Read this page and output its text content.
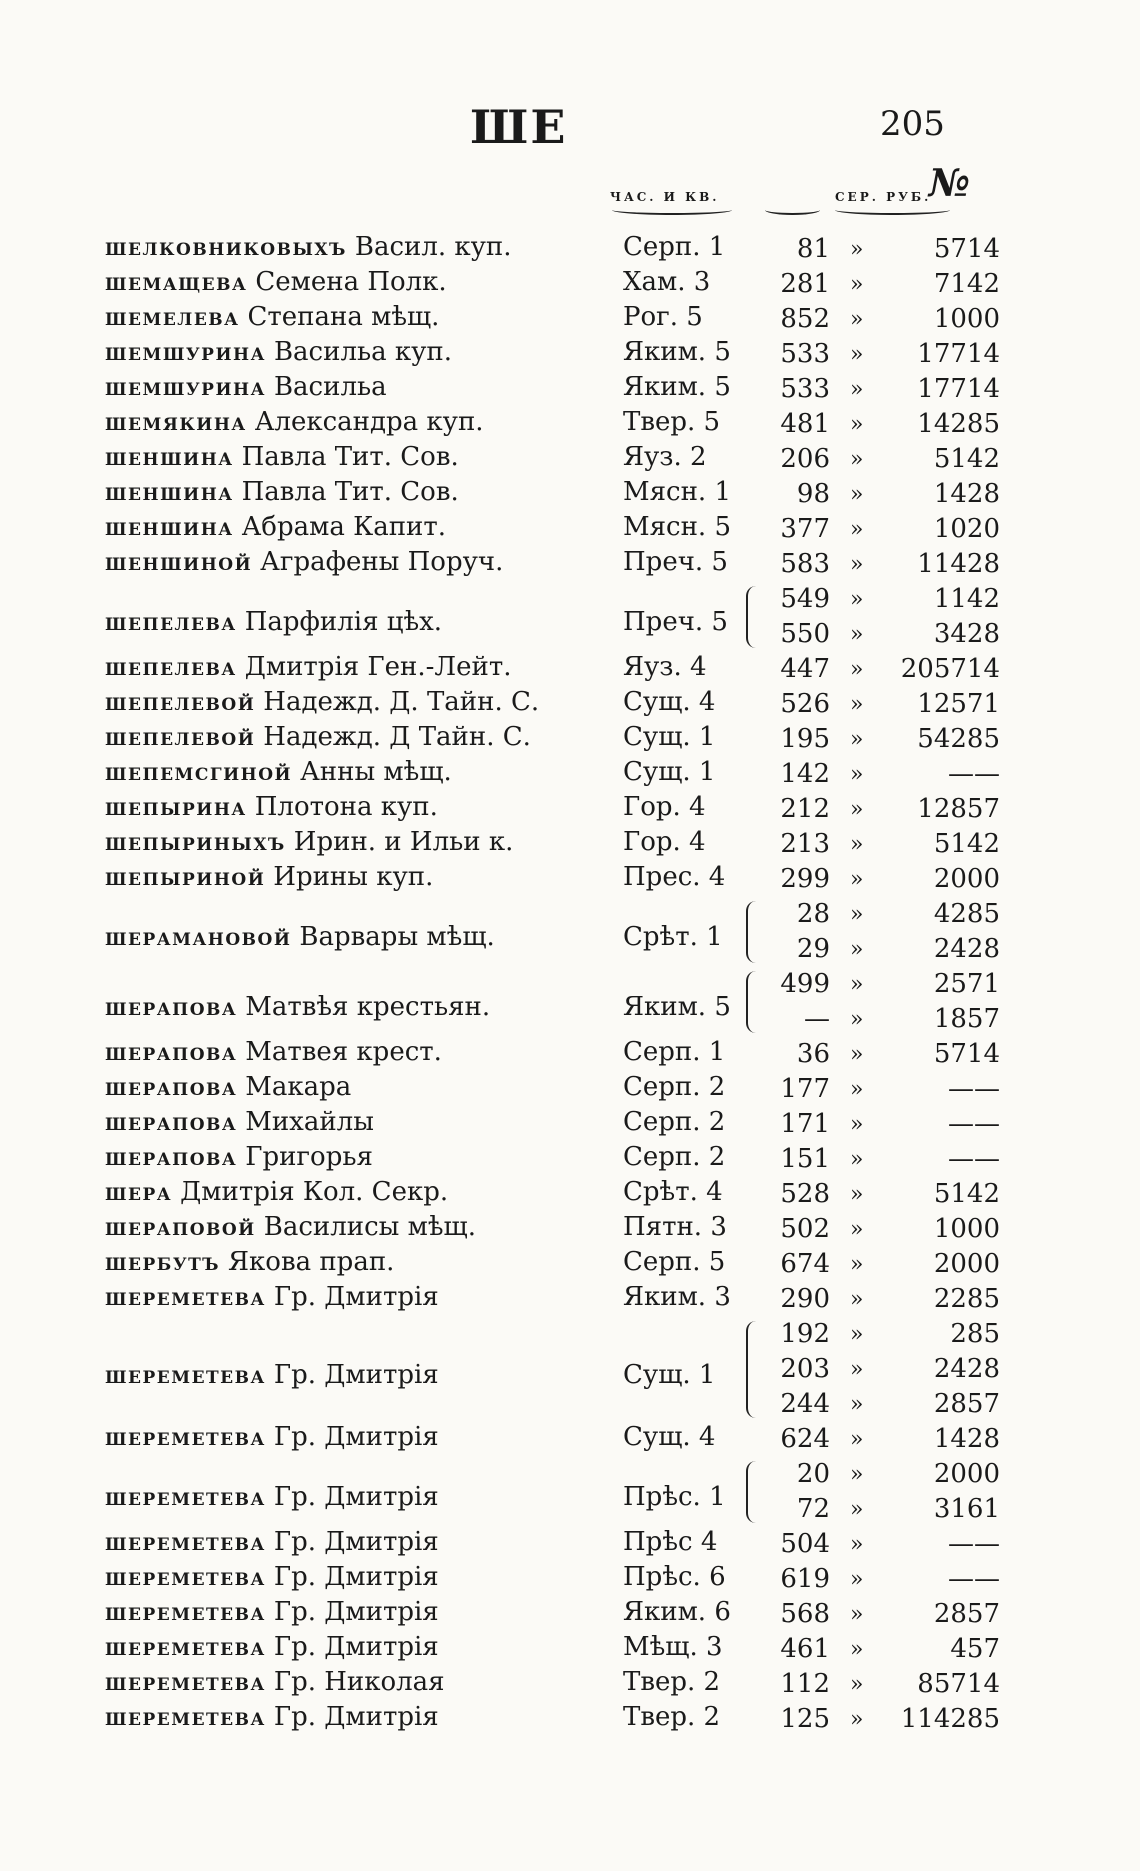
ШЕ	205
ЧАС. И КВ.	№
СЕР. РУБ.
шелковниковыхъ Васил. куп.	Серп. 1	81 »	5714
шемащева Семена Полк.	Хам. 3	281 »	7142
шемелева Степана мѣщ.	Рог. 5	852 »	1000
шемшурина Васильа куп.	Яким. 5 533 » 17714
шемшурина Васильа	Яким. 5 533 » 17714
шемякина Александра куп.	Твер. 5 481 » 14285
шеншина Павла Тит. Сов.	Яуз. 2	206 »	5142
шеншина Павла Тит. Сов.	Мясн. 1	98 »	1428
шеншина Абрама Капит.	Мясн. 5 377 »	1020
шеншиной Аграфены Поруч.	Преч. 5 583 » 11428
шепелева Парфилія цѣх.	Преч. 5
549 »	1142
550 »	3428
шепелева Дмитрія Ген.-Лейт.	Яуз. 4	447 » 205714
шепелевой Надежд. Д. Тайн. С.	Сущ. 4 526 » 12571
шепелевой Надежд. Д Тайн. С.	Сущ. 1 195 » 54285
шепемсгиной Анны мѣщ.	Сущ. 1 142 »	——
шепырина Плотона куп.	Гор. 4	212 » 12857
шепыриныхъ Ирин. и Ильи к.	Гор. 4	213 »	5142
шепыриной Ирины куп.	Прес. 4 299 »	2000
шерамановой Варвары мѣщ.	Срѣт. 1
28 »	4285
29 »	2428
шерапова Матвѣя крестьян.	Яким. 5
499 »	2571
— »	1857
шерапова Матвея крест.	Серп. 1	36 »	5714
шерапова Макара	Серп. 2 177 »	——
шерапова Михайлы	Серп. 2 171 »	——
шерапова Григорья	Серп. 2 151 »	——
шера Дмитрія Кол. Секр.	Срѣт. 4 528 »	5142
шераповой Василисы мѣщ.	Пятн. 3 502 »	1000
шербутъ Якова прап.	Серп. 5 674 »	2000
шереметева Гр. Дмитрія	Яким. 3 290 »	2285
шереметева Гр. Дмитрія	Сущ. 1
192 »	285
203 »	2428
244 »	2857
шереметева Гр. Дмитрія	Сущ. 4 624 »	1428
шереметева Гр. Дмитрія	Прѣс. 1
20 »	2000
72 »	3161
шереметева Гр. Дмитрія	Прѣс 4 504 »	——
шереметева Гр. Дмитрія	Прѣс. 6 619 »	——
шереметева Гр. Дмитрія	Яким. 6 568 »	2857
шереметева Гр. Дмитрія	Мѣщ. 3 461 »	457
шереметева Гр. Николая	Твер. 2 112 » 85714
шереметева Гр. Дмитрія	Твер. 2 125 » 114285
